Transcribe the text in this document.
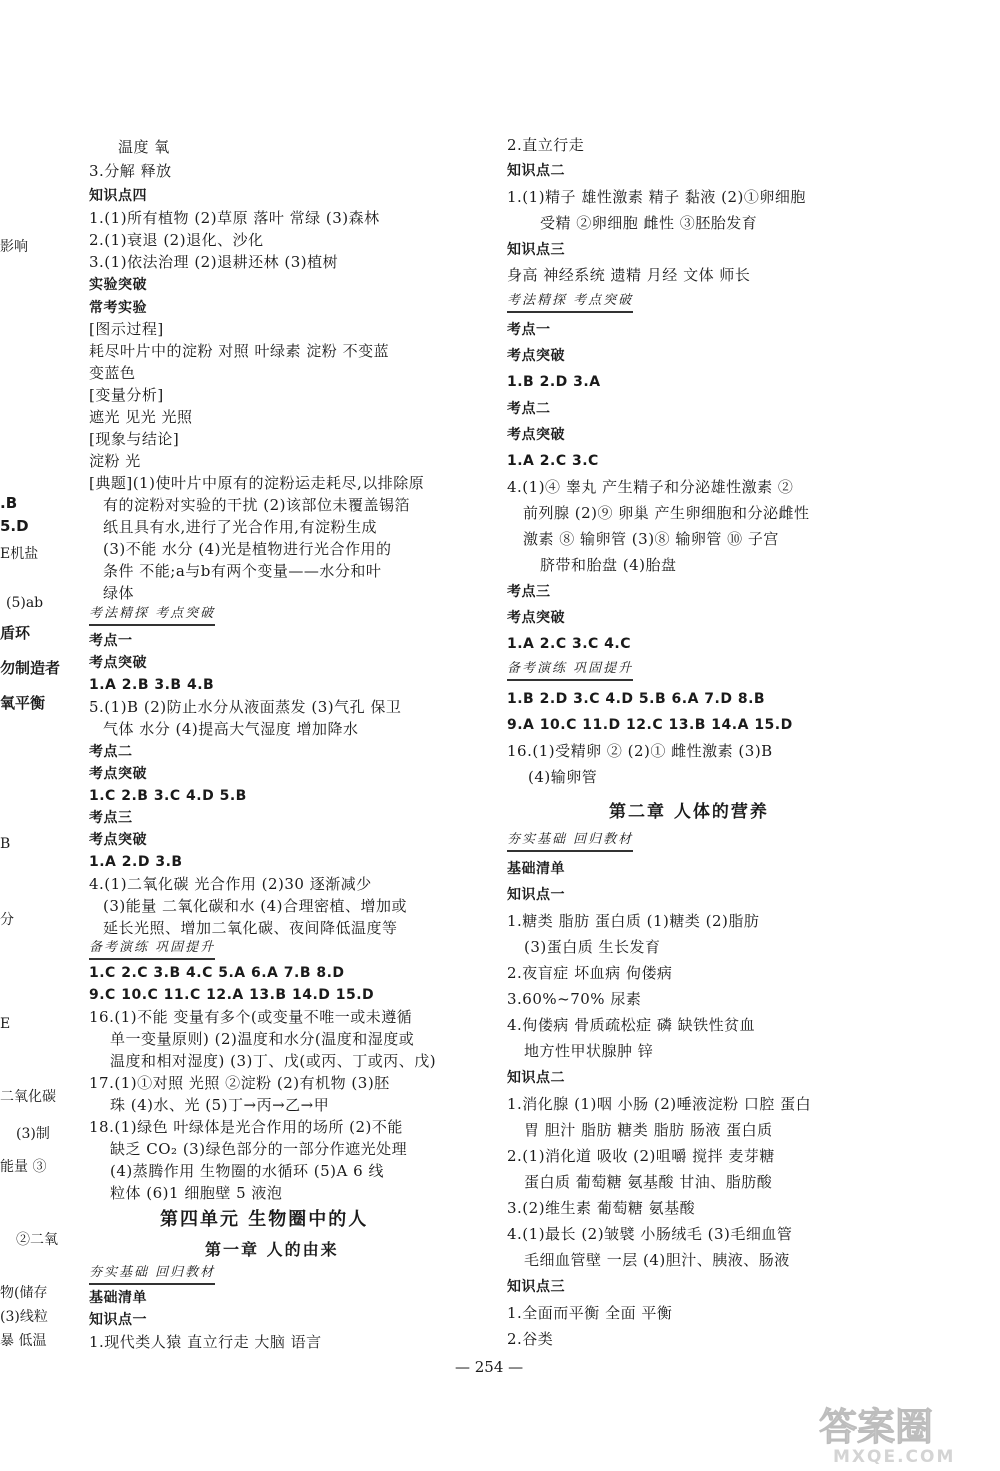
影响
.B
5.D
E机盐
(5)ab
盾环
勿制造者
氧平衡
B
分
E
二氧化碳
(3)制
能量 ③
②二氧
物(储存
(3)线粒
暴 低温
温度 氧
3.分解 释放
知识点四
1.(1)所有植物 (2)草原 落叶 常绿 (3)森林
2.(1)衰退 (2)退化、沙化
3.(1)依法治理 (2)退耕还林 (3)植树
实验突破
常考实验
[图示过程]
耗尽叶片中的淀粉 对照 叶绿素 淀粉 不变蓝
变蓝色
[变量分析]
遮光 见光 光照
[现象与结论]
淀粉 光
[典题](1)使叶片中原有的淀粉运走耗尽,以排除原
有的淀粉对实验的干扰 (2)该部位未覆盖锡箔
纸且具有水,进行了光合作用,有淀粉生成
(3)不能 水分 (4)光是植物进行光合作用的
条件 不能;a与b有两个变量——水分和叶
绿体
考法精探 考点突破
考点一
考点突破
1.A 2.B 3.B 4.B
5.(1)B (2)防止水分从液面蒸发 (3)气孔 保卫
气体 水分 (4)提高大气湿度 增加降水
考点二
考点突破
1.C 2.B 3.C 4.D 5.B
考点三
考点突破
1.A 2.D 3.B
4.(1)二氧化碳 光合作用 (2)30 逐渐减少
(3)能量 二氧化碳和水 (4)合理密植、增加或
延长光照、增加二氧化碳、夜间降低温度等
备考演练 巩固提升
1.C 2.C 3.B 4.C 5.A 6.A 7.B 8.D
9.C 10.C 11.C 12.A 13.B 14.D 15.D
16.(1)不能 变量有多个(或变量不唯一或未遵循
单一变量原则) (2)温度和水分(温度和湿度或
温度和相对湿度) (3)丁、戊(或丙、丁或丙、戊)
17.(1)①对照 光照 ②淀粉 (2)有机物 (3)胚
珠 (4)水、光 (5)丁→丙→乙→甲
18.(1)绿色 叶绿体是光合作用的场所 (2)不能
缺乏 CO₂ (3)绿色部分的一部分作遮光处理
(4)蒸腾作用 生物圈的水循环 (5)A 6 线
粒体 (6)1 细胞壁 5 液泡
第四单元 生物圈中的人
第一章 人的由来
夯实基础 回归教材
基础清单
知识点一
1.现代类人猿 直立行走 大脑 语言
2.直立行走
知识点二
1.(1)精子 雄性激素 精子 黏液 (2)①卵细胞
受精 ②卵细胞 雌性 ③胚胎发育
知识点三
身高 神经系统 遗精 月经 文体 师长
考法精探 考点突破
考点一
考点突破
1.B 2.D 3.A
考点二
考点突破
1.A 2.C 3.C
4.(1)④ 睾丸 产生精子和分泌雄性激素 ②
前列腺 (2)⑨ 卵巢 产生卵细胞和分泌雌性
激素 ⑧ 输卵管 (3)⑧ 输卵管 ⑩ 子宫
脐带和胎盘 (4)胎盘
考点三
考点突破
1.A 2.C 3.C 4.C
备考演练 巩固提升
1.B 2.D 3.C 4.D 5.B 6.A 7.D 8.B
9.A 10.C 11.D 12.C 13.B 14.A 15.D
16.(1)受精卵 ② (2)① 雌性激素 (3)B
(4)输卵管
第二章 人体的营养
夯实基础 回归教材
基础清单
知识点一
1.糖类 脂肪 蛋白质 (1)糖类 (2)脂肪
(3)蛋白质 生长发育
2.夜盲症 坏血病 佝偻病
3.60%~70% 尿素
4.佝偻病 骨质疏松症 磷 缺铁性贫血
地方性甲状腺肿 锌
知识点二
1.消化腺 (1)咽 小肠 (2)唾液淀粉 口腔 蛋白
胃 胆汁 脂肪 糖类 脂肪 肠液 蛋白质
2.(1)消化道 吸收 (2)咀嚼 搅拌 麦芽糖
蛋白质 葡萄糖 氨基酸 甘油、脂肪酸
3.(2)维生素 葡萄糖 氨基酸
4.(1)最长 (2)皱襞 小肠绒毛 (3)毛细血管
毛细血管壁 一层 (4)胆汁、胰液、肠液
知识点三
1.全面而平衡 全面 平衡
2.谷类
— 254 —
答案圈
MXQE.COM
